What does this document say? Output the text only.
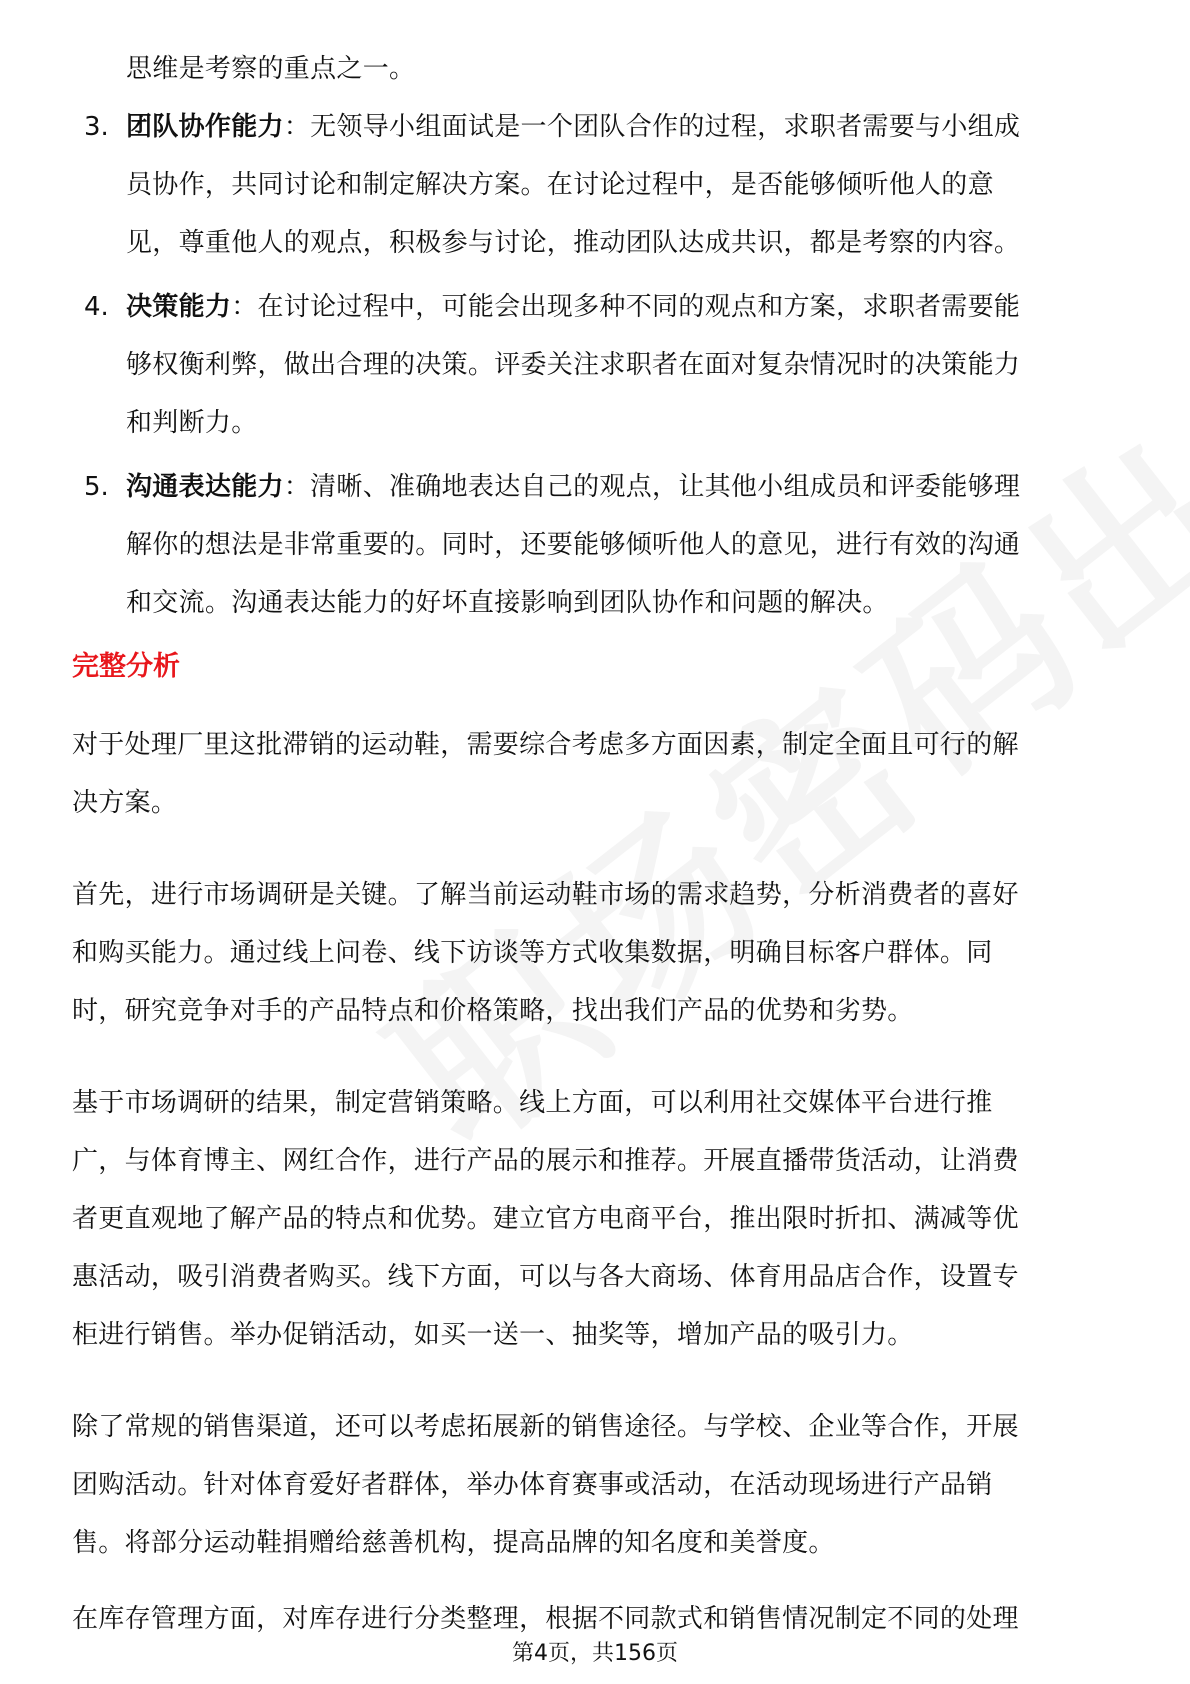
思维是考察的重点之一。
3. 团队协作能力：无领导小组面试是一个团队合作的过程，求职者需要与小组成
员协作，共同讨论和制定解决方案。在讨论过程中，是否能够倾听他人的意
见，尊重他人的观点，积极参与讨论，推动团队达成共识，都是考察的内容。
4. 决策能力：在讨论过程中，可能会出现多种不同的观点和方案，求职者需要能
够权衡利弊，做出合理的决策。评委关注求职者在面对复杂情况时的决策能力
和判断力。
5. 沟通表达能力：清晰、准确地表达自己的观点，让其他小组成员和评委能够理
解你的想法是非常重要的。同时，还要能够倾听他人的意见，进行有效的沟通
和交流。沟通表达能力的好坏直接影响到团队协作和问题的解决。
完整分析
对于处理厂里这批滞销的运动鞋，需要综合考虑多方面因素，制定全面且可行的解
决方案。
首先，进行市场调研是关键。了解当前运动鞋市场的需求趋势，分析消费者的喜好
和购买能力。通过线上问卷、线下访谈等方式收集数据，明确目标客户群体。同
时，研究竞争对手的产品特点和价格策略，找出我们产品的优势和劣势。
基于市场调研的结果，制定营销策略。线上方面，可以利用社交媒体平台进行推
广，与体育博主、网红合作，进行产品的展示和推荐。开展直播带货活动，让消费
者更直观地了解产品的特点和优势。建立官方电商平台，推出限时折扣、满减等优
惠活动，吸引消费者购买。线下方面，可以与各大商场、体育用品店合作，设置专
柜进行销售。举办促销活动，如买一送一、抽奖等，增加产品的吸引力。
除了常规的销售渠道，还可以考虑拓展新的销售途径。与学校、企业等合作，开展
团购活动。针对体育爱好者群体，举办体育赛事或活动，在活动现场进行产品销
售。将部分运动鞋捐赠给慈善机构，提高品牌的知名度和美誉度。
在库存管理方面，对库存进行分类整理，根据不同款式和销售情况制定不同的处理
第4页，共156页
